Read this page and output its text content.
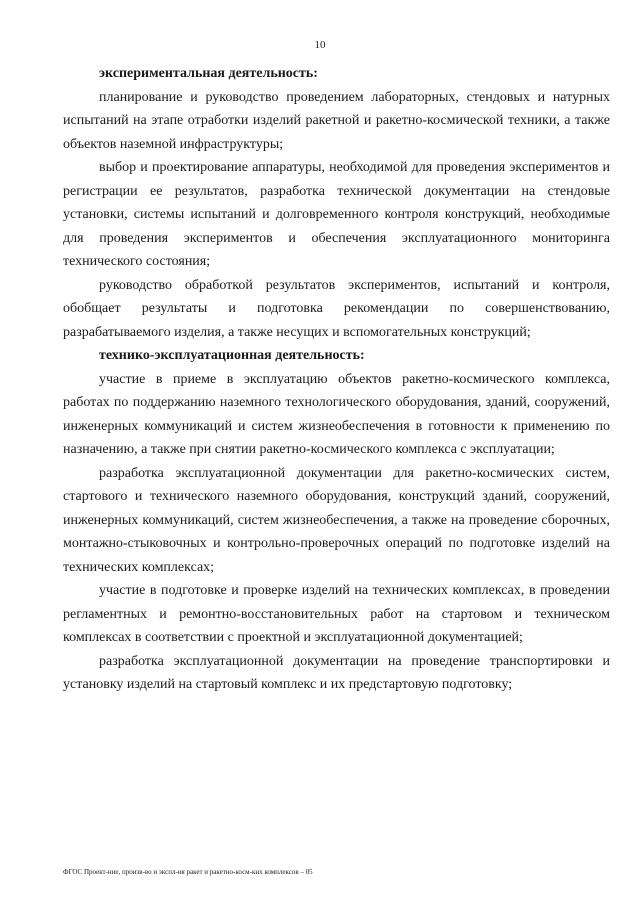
10

экспериментальная деятельность:

планирование и руководство проведением лабораторных, стендовых и натурных испытаний на этапе отработки изделий ракетной и ракетно-космической техники, а также объектов наземной инфраструктуры;

выбор и проектирование аппаратуры, необходимой для проведения экспериментов и регистрации ее результатов, разработка технической документации на стендовые установки, системы испытаний и долговременного контроля конструкций, необходимые для проведения экспериментов и обеспечения эксплуатационного мониторинга технического состояния;

руководство обработкой результатов экспериментов, испытаний и контроля, обобщает результаты и подготовка рекомендации по совершенствованию, разрабатываемого изделия, а также несущих и вспомогательных конструкций;

технико-эксплуатационная деятельность:

участие в приеме в эксплуатацию объектов ракетно-космического комплекса, работах по поддержанию наземного технологического оборудования, зданий, сооружений, инженерных коммуникаций и систем жизнеобеспечения в готовности к применению по назначению, а также при снятии ракетно-космического комплекса с эксплуатации;

разработка эксплуатационной документации для ракетно-космических систем, стартового и технического наземного оборудования, конструкций зданий, сооружений, инженерных коммуникаций, систем жизнеобеспечения, а также на проведение сборочных, монтажно-стыковочных и контрольно-проверочных операций по подготовке изделий на технических комплексах;

участие в подготовке и проверке изделий на технических комплексах, в проведении регламентных и ремонтно-восстановительных работ на стартовом и техническом комплексах в соответствии с проектной и эксплуатационной документацией;

разработка эксплуатационной документации на проведение транспортировки и установку изделий на стартовый комплекс и их предстартовую подготовку;

ФГОС Проект-ние, произв-во и экспл-ия ракет и ракетно-косм-ких комплексов – 05
